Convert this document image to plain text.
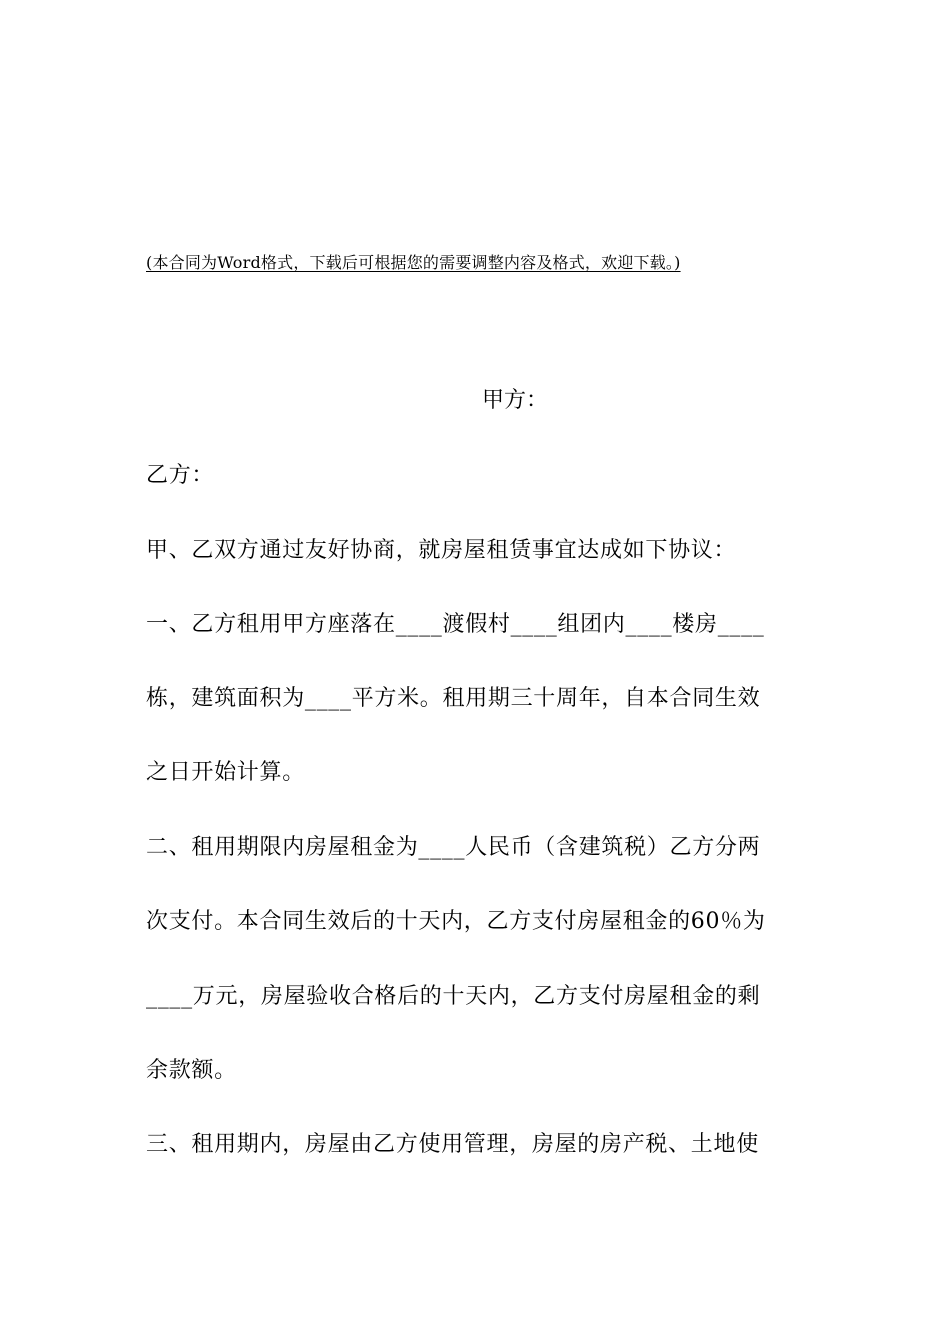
(本合同为Word格式，下载后可根据您的需要调整内容及格式，欢迎下载。)
甲方：
乙方：
甲、乙双方通过友好协商，就房屋租赁事宜达成如下协议：
一、乙方租用甲方座落在____渡假村____组团内____楼房____
栋，建筑面积为____平方米。租用期三十周年，自本合同生效
之日开始计算。
二、租用期限内房屋租金为____人民币（含建筑税）乙方分两
次支付。本合同生效后的十天内，乙方支付房屋租金的60％为
____万元，房屋验收合格后的十天内，乙方支付房屋租金的剩
余款额。
三、租用期内，房屋由乙方使用管理，房屋的房产税、土地使
